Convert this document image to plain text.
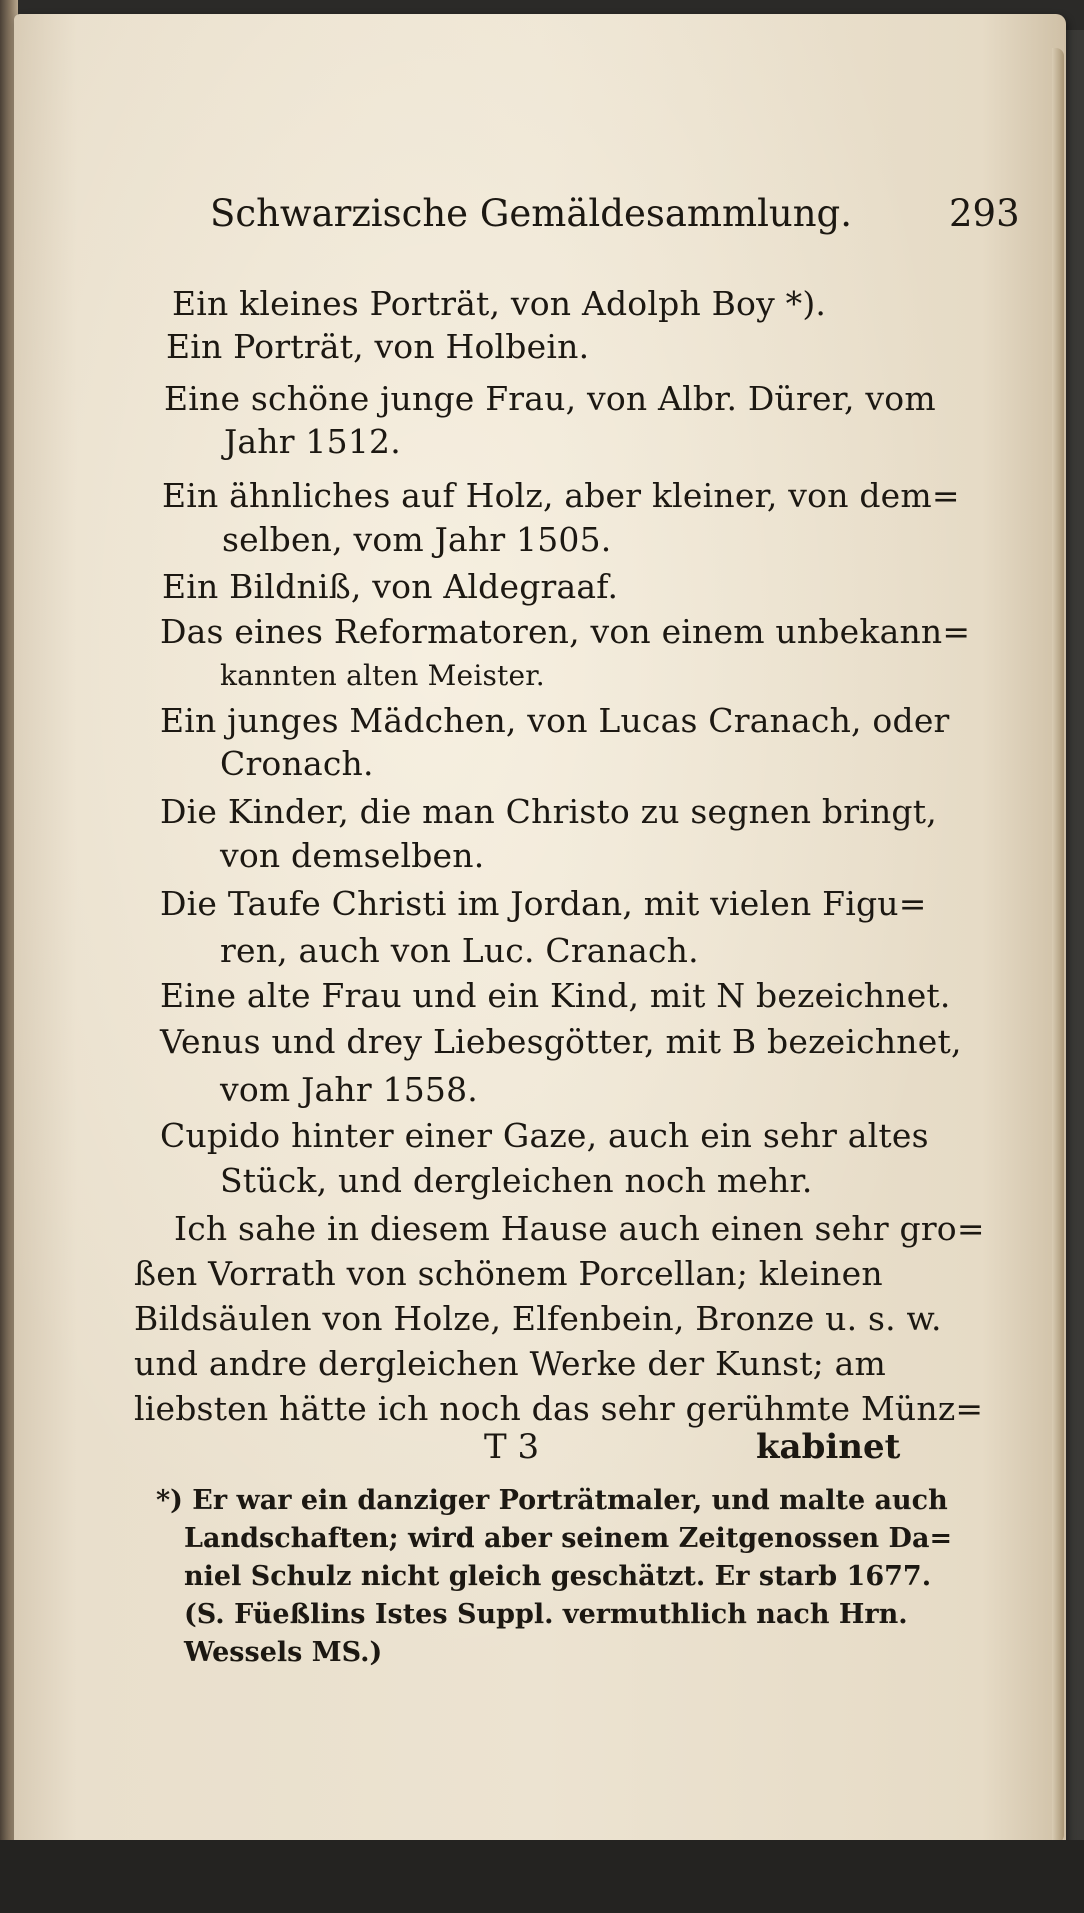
Schwarzische Gemäldesammlung.	293
Ein kleines Porträt, von Adolph Boy *).
Ein Porträt, von Holbein.
Eine schöne junge Frau, von Albr. Dürer, vom
Jahr 1512.
Ein ähnliches auf Holz, aber kleiner, von dem=
selben, vom Jahr 1505.
Ein Bildniß, von Aldegraaf.
Das eines Reformatoren, von einem unbekann=
kannten alten Meister.
Ein junges Mädchen, von Lucas Cranach, oder
Cronach.
Die Kinder, die man Christo zu segnen bringt,
von demselben.
Die Taufe Christi im Jordan, mit vielen Figu=
ren, auch von Luc. Cranach.
Eine alte Frau und ein Kind, mit N bezeichnet.
Venus und drey Liebesgötter, mit B bezeichnet,
vom Jahr 1558.
Cupido hinter einer Gaze, auch ein sehr altes
Stück, und dergleichen noch mehr.
Ich sahe in diesem Hause auch einen sehr gro=
ßen Vorrath von schönem Porcellan; kleinen
Bildsäulen von Holze, Elfenbein, Bronze u. s. w.
und andre dergleichen Werke der Kunst; am
liebsten hätte ich noch das sehr gerühmte Münz=
T 3	kabinet
*) Er war ein danziger Porträtmaler, und malte auch
Landschaften; wird aber seinem Zeitgenossen Da=
niel Schulz nicht gleich geschätzt. Er starb 1677.
(S. Füeßlins Istes Suppl. vermuthlich nach Hrn.
Wessels MS.)
